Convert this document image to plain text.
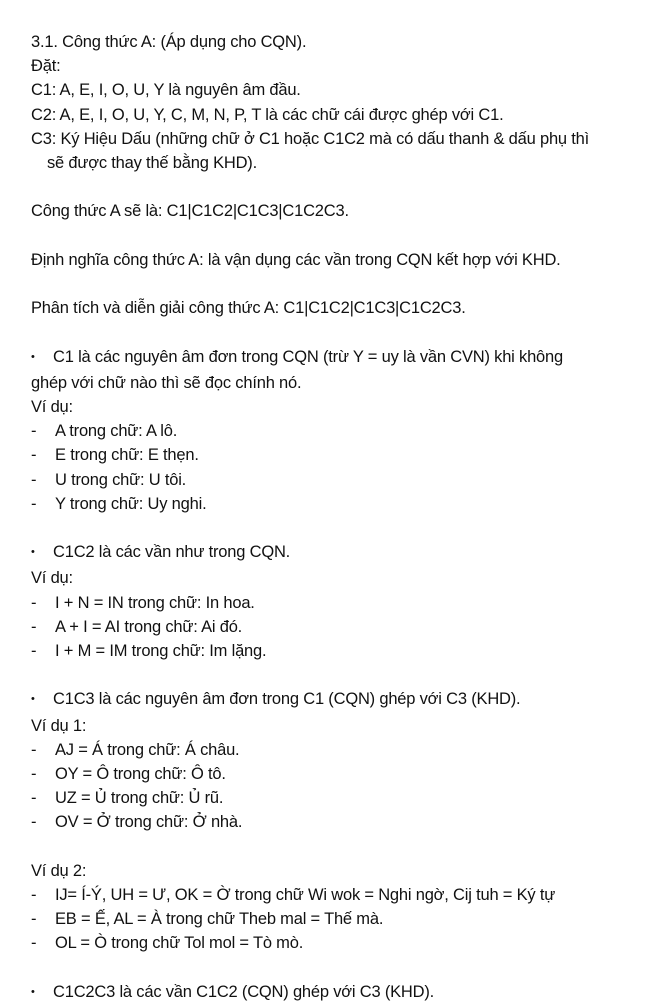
3.1. Công thức A: (Áp dụng cho CQN).
Đặt:
C1: A, E, I, O, U, Y là nguyên âm đầu.
C2: A, E, I, O, U, Y, C, M, N, P, T là các chữ cái được ghép với C1.
C3: Ký Hiệu Dấu (những chữ ở C1 hoặc C1C2 mà có dấu thanh & dấu phụ thì
sẽ được thay thế bằng KHD).
Công thức A sẽ là: C1|C1C2|C1C3|C1C2C3.
Định nghĩa công thức A: là vận dụng các vần trong CQN kết hợp với KHD.
Phân tích và diễn giải công thức A: C1|C1C2|C1C3|C1C2C3.
•	C1 là các nguyên âm đơn trong CQN (trừ Y = uy là vần CVN) khi không
ghép với chữ nào thì sẽ đọc chính nó.
Ví dụ:
-	A trong chữ: A lô.
-	E trong chữ: E thẹn.
-	U trong chữ: U tôi.
-	Y trong chữ: Uy nghi.
•	C1C2 là các vần như trong CQN.
Ví dụ:
-	I + N = IN trong chữ: In hoa.
-	A + I = AI trong chữ: Ai đó.
-	I + M = IM trong chữ: Im lặng.
•	C1C3 là các nguyên âm đơn trong C1 (CQN) ghép với C3 (KHD).
Ví dụ 1:
-	AJ = Á trong chữ: Á châu.
-	OY = Ô trong chữ: Ô tô.
-	UZ = Ủ trong chữ: Ủ rũ.
-	OV = Ở trong chữ: Ở nhà.
Ví dụ 2:
-	IJ= Í-Ý, UH = Ư, OK = Ờ trong chữ Wi wok = Nghi ngờ, Cij tuh = Ký tự
-	EB = Ế, AL = À trong chữ Theb mal = Thế mà.
-	OL = Ò trong chữ Tol mol = Tò mò.
•	C1C2C3 là các vần C1C2 (CQN) ghép với C3 (KHD).
